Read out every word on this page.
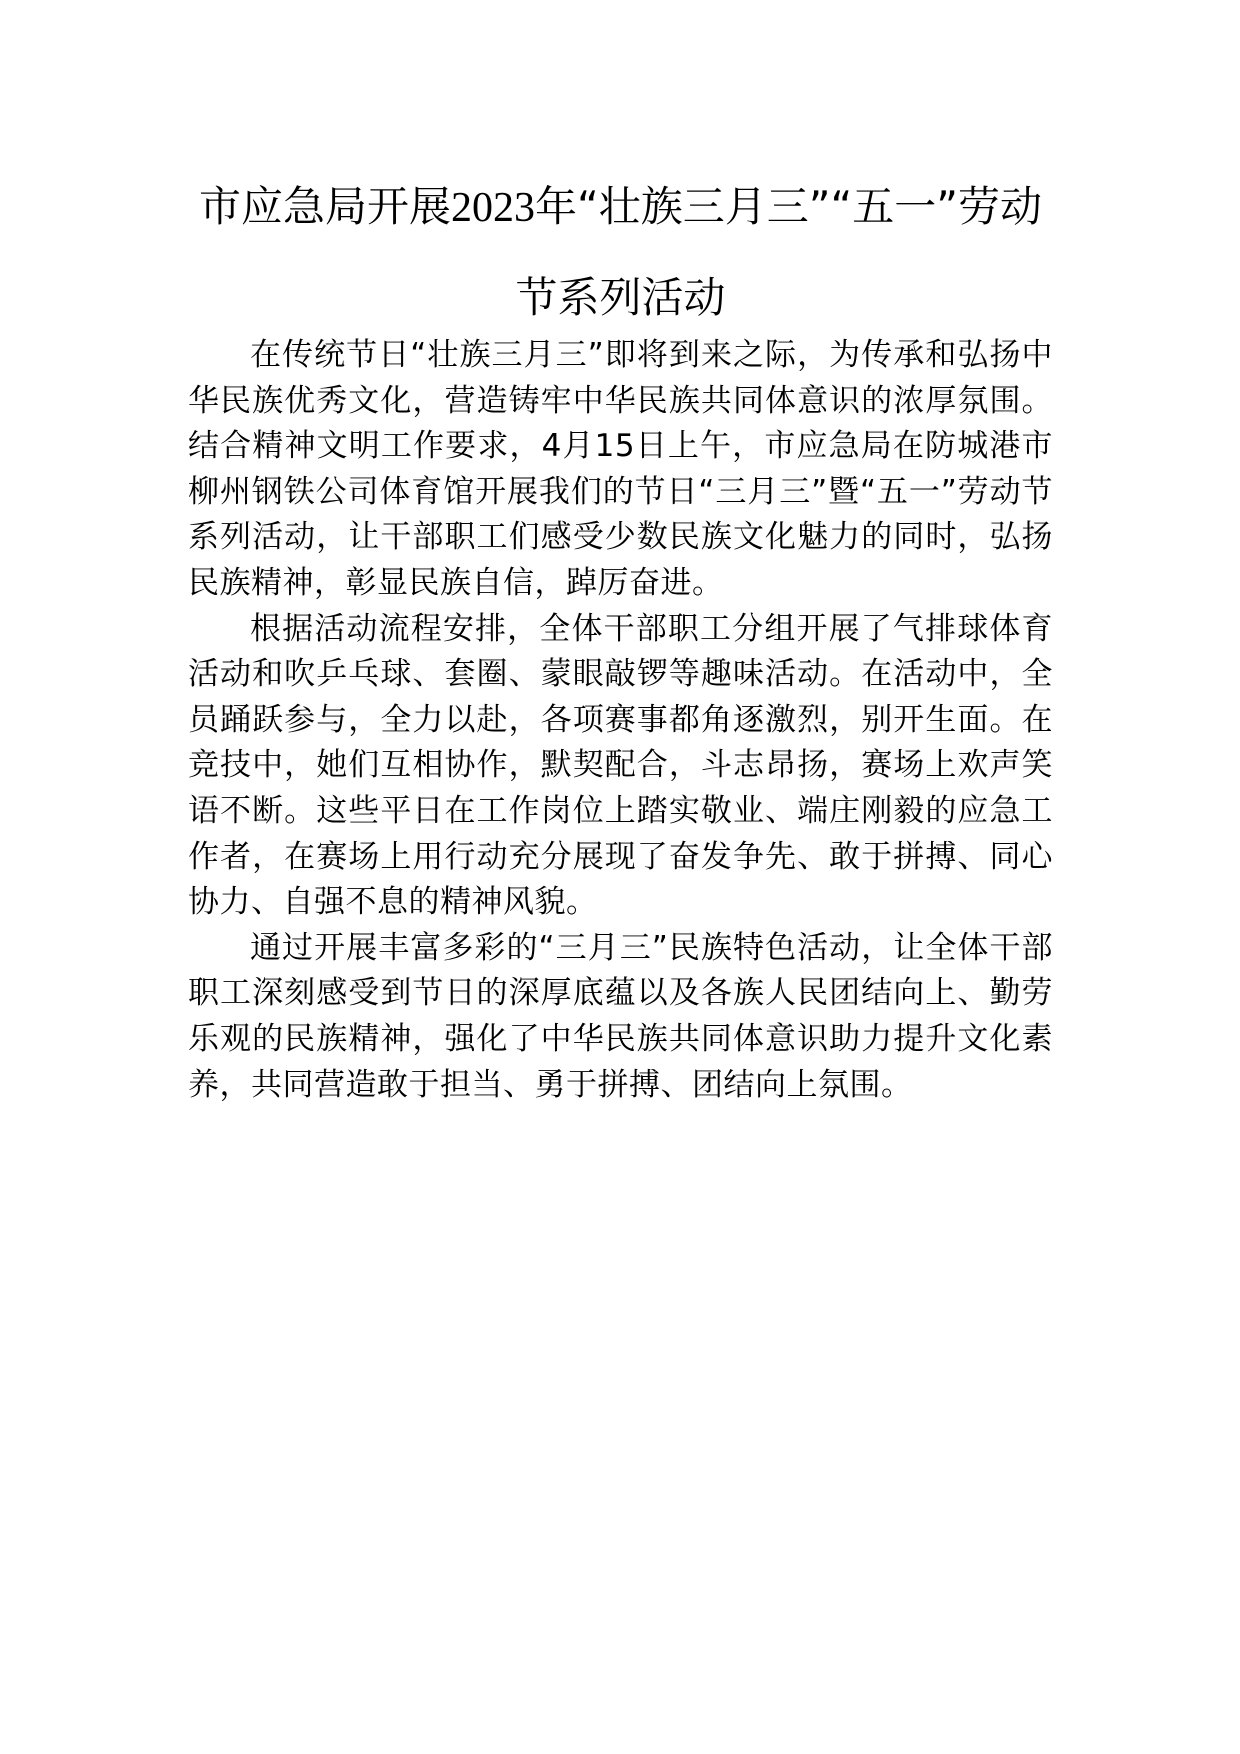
市应急局开展2023年“壮族三月三”“五一”劳动节系列活动

在传统节日“壮族三月三”即将到来之际，为传承和弘扬中华民族优秀文化，营造铸牢中华民族共同体意识的浓厚氛围。结合精神文明工作要求，4月15日上午，市应急局在防城港市柳州钢铁公司体育馆开展我们的节日“三月三”暨“五一”劳动节系列活动，让干部职工们感受少数民族文化魅力的同时，弘扬民族精神，彰显民族自信，踔厉奋进。

根据活动流程安排，全体干部职工分组开展了气排球体育活动和吹乒乓球、套圈、蒙眼敲锣等趣味活动。在活动中，全员踊跃参与，全力以赴，各项赛事都角逐激烈，别开生面。在竞技中，她们互相协作，默契配合，斗志昂扬，赛场上欢声笑语不断。这些平日在工作岗位上踏实敬业、端庄刚毅的应急工作者，在赛场上用行动充分展现了奋发争先、敢于拼搏、同心协力、自强不息的精神风貌。

通过开展丰富多彩的“三月三”民族特色活动，让全体干部职工深刻感受到节日的深厚底蕴以及各族人民团结向上、勤劳乐观的民族精神，强化了中华民族共同体意识助力提升文化素养，共同营造敢于担当、勇于拼搏、团结向上氛围。
